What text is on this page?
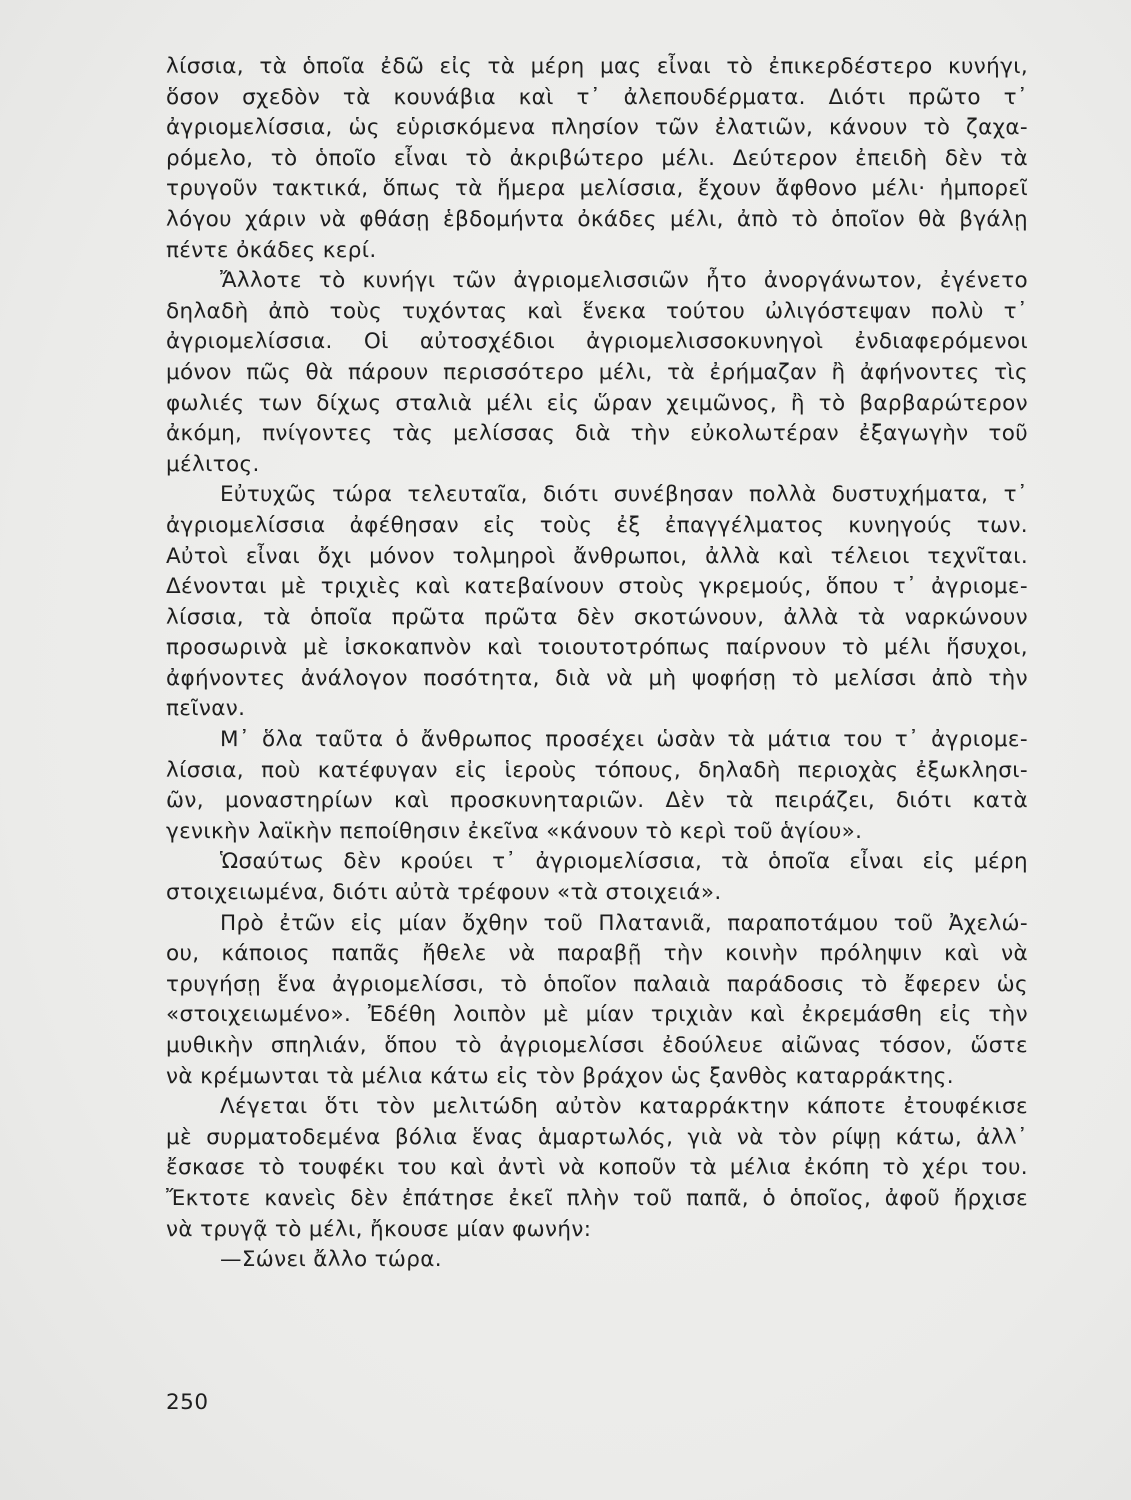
λίσσια, τὰ ὁποῖα ἐδῶ εἰς τὰ μέρη μας εἶναι τὸ ἐπικερδέστερο κυνήγι,
ὅσον σχεδὸν τὰ κουνάβια καὶ τ᾽ ἀλεπουδέρματα. Διότι πρῶτο τ᾽
ἀγριομελίσσια, ὡς εὑρισκόμενα πλησίον τῶν ἐλατιῶν, κάνουν τὸ ζαχα-
ρόμελο, τὸ ὁποῖο εἶναι τὸ ἀκριβώτερο μέλι. Δεύτερον ἐπειδὴ δὲν τὰ
τρυγοῦν τακτικά, ὅπως τὰ ἥμερα μελίσσια, ἔχουν ἄφθονο μέλι· ἠμπορεῖ
λόγου χάριν νὰ φθάσῃ ἑβδομήντα ὀκάδες μέλι, ἀπὸ τὸ ὁποῖον θὰ βγάλῃ
πέντε ὀκάδες κερί.
Ἄλλοτε τὸ κυνήγι τῶν ἀγριομελισσιῶν ἦτο ἀνοργάνωτον, ἐγένετο
δηλαδὴ ἀπὸ τοὺς τυχόντας καὶ ἕνεκα τούτου ὠλιγόστεψαν πολὺ τ᾽
ἀγριομελίσσια. Οἱ αὐτοσχέδιοι ἀγριομελισσοκυνηγοὶ ἐνδιαφερόμενοι
μόνον πῶς θὰ πάρουν περισσότερο μέλι, τὰ ἐρήμαζαν ἢ ἀφήνοντες τὶς
φωλιές των δίχως σταλιὰ μέλι εἰς ὥραν χειμῶνος, ἢ τὸ βαρβαρώτερον
ἀκόμη, πνίγοντες τὰς μελίσσας διὰ τὴν εὐκολωτέραν ἐξαγωγὴν τοῦ
μέλιτος.
Εὐτυχῶς τώρα τελευταῖα, διότι συνέβησαν πολλὰ δυστυχήματα, τ᾽
ἀγριομελίσσια ἀφέθησαν εἰς τοὺς ἐξ ἐπαγγέλματος κυνηγούς των.
Αὐτοὶ εἶναι ὄχι μόνον τολμηροὶ ἄνθρωποι, ἀλλὰ καὶ τέλειοι τεχνῖται.
Δένονται μὲ τριχιὲς καὶ κατεβαίνουν στοὺς γκρεμούς, ὅπου τ᾽ ἀγριομε-
λίσσια, τὰ ὁποῖα πρῶτα πρῶτα δὲν σκοτώνουν, ἀλλὰ τὰ ναρκώνουν
προσωρινὰ μὲ ἰσκοκαπνὸν καὶ τοιουτοτρόπως παίρνουν τὸ μέλι ἥσυχοι,
ἀφήνοντες ἀνάλογον ποσότητα, διὰ νὰ μὴ ψοφήσῃ τὸ μελίσσι ἀπὸ τὴν
πεῖναν.
Μ᾽ ὅλα ταῦτα ὁ ἄνθρωπος προσέχει ὡσὰν τὰ μάτια του τ᾽ ἀγριομε-
λίσσια, ποὺ κατέφυγαν εἰς ἱεροὺς τόπους, δηλαδὴ περιοχὰς ἐξωκλησι-
ῶν, μοναστηρίων καὶ προσκυνηταριῶν. Δὲν τὰ πειράζει, διότι κατὰ
γενικὴν λαϊκὴν πεποίθησιν ἐκεῖνα «κάνουν τὸ κερὶ τοῦ ἁγίου».
Ὡσαύτως δὲν κρούει τ᾽ ἀγριομελίσσια, τὰ ὁποῖα εἶναι εἰς μέρη
στοιχειωμένα, διότι αὐτὰ τρέφουν «τὰ στοιχειά».
Πρὸ ἐτῶν εἰς μίαν ὄχθην τοῦ Πλατανιᾶ, παραποτάμου τοῦ Ἀχελώ-
ου, κάποιος παπᾶς ἤθελε νὰ παραβῇ τὴν κοινὴν πρόληψιν καὶ νὰ
τρυγήσῃ ἕνα ἀγριομελίσσι, τὸ ὁποῖον παλαιὰ παράδοσις τὸ ἔφερεν ὡς
«στοιχειωμένο». Ἐδέθη λοιπὸν μὲ μίαν τριχιὰν καὶ ἐκρεμάσθη εἰς τὴν
μυθικὴν σπηλιάν, ὅπου τὸ ἀγριομελίσσι ἐδούλευε αἰῶνας τόσον, ὥστε
νὰ κρέμωνται τὰ μέλια κάτω εἰς τὸν βράχον ὡς ξανθὸς καταρράκτης.
Λέγεται ὅτι τὸν μελιτώδη αὐτὸν καταρράκτην κάποτε ἐτουφέκισε
μὲ συρματοδεμένα βόλια ἕνας ἁμαρτωλός, γιὰ νὰ τὸν ρίψῃ κάτω, ἀλλ᾽
ἔσκασε τὸ τουφέκι του καὶ ἀντὶ νὰ κοποῦν τὰ μέλια ἐκόπη τὸ χέρι του.
Ἔκτοτε κανεὶς δὲν ἐπάτησε ἐκεῖ πλὴν τοῦ παπᾶ, ὁ ὁποῖος, ἀφοῦ ἤρχισε
νὰ τρυγᾷ τὸ μέλι, ἤκουσε μίαν φωνήν:
—Σώνει ἄλλο τώρα.
250
